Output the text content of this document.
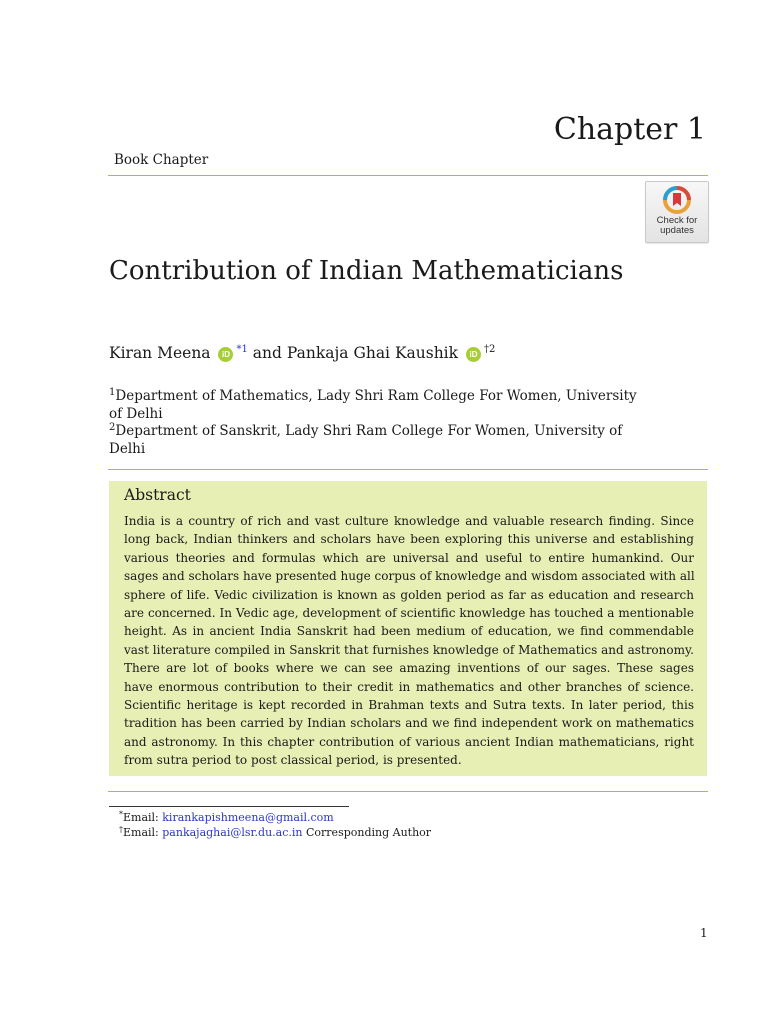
Chapter 1
Book Chapter
Check for
updates
Contribution of Indian Mathematicians
Kiran Meena iD $^{*1}$ and Pankaja Ghai Kaushik iD $^{\dagger 2}$
$^1$Department of Mathematics, Lady Shri Ram College For Women, University of Delhi
$^2$Department of Sanskrit, Lady Shri Ram College For Women, University of Delhi
Abstract
India is a country of rich and vast culture knowledge and valuable research finding. Since
long back, Indian thinkers and scholars have been exploring this universe and establishing
various theories and formulas which are universal and useful to entire humankind. Our
sages and scholars have presented huge corpus of knowledge and wisdom associated with all
sphere of life. Vedic civilization is known as golden period as far as education and research
are concerned. In Vedic age, development of scientific knowledge has touched a mentionable
height. As in ancient India Sanskrit had been medium of education, we find commendable
vast literature compiled in Sanskrit that furnishes knowledge of Mathematics and astronomy.
There are lot of books where we can see amazing inventions of our sages. These sages
have enormous contribution to their credit in mathematics and other branches of science.
Scientific heritage is kept recorded in Brahman texts and Sutra texts. In later period, this
tradition has been carried by Indian scholars and we find independent work on mathematics
and astronomy. In this chapter contribution of various ancient Indian mathematicians, right
from sutra period to post classical period, is presented.
*Email: kirankapishmeena@gmail.com
†Email: pankajaghai@lsr.du.ac.in Corresponding Author
1
